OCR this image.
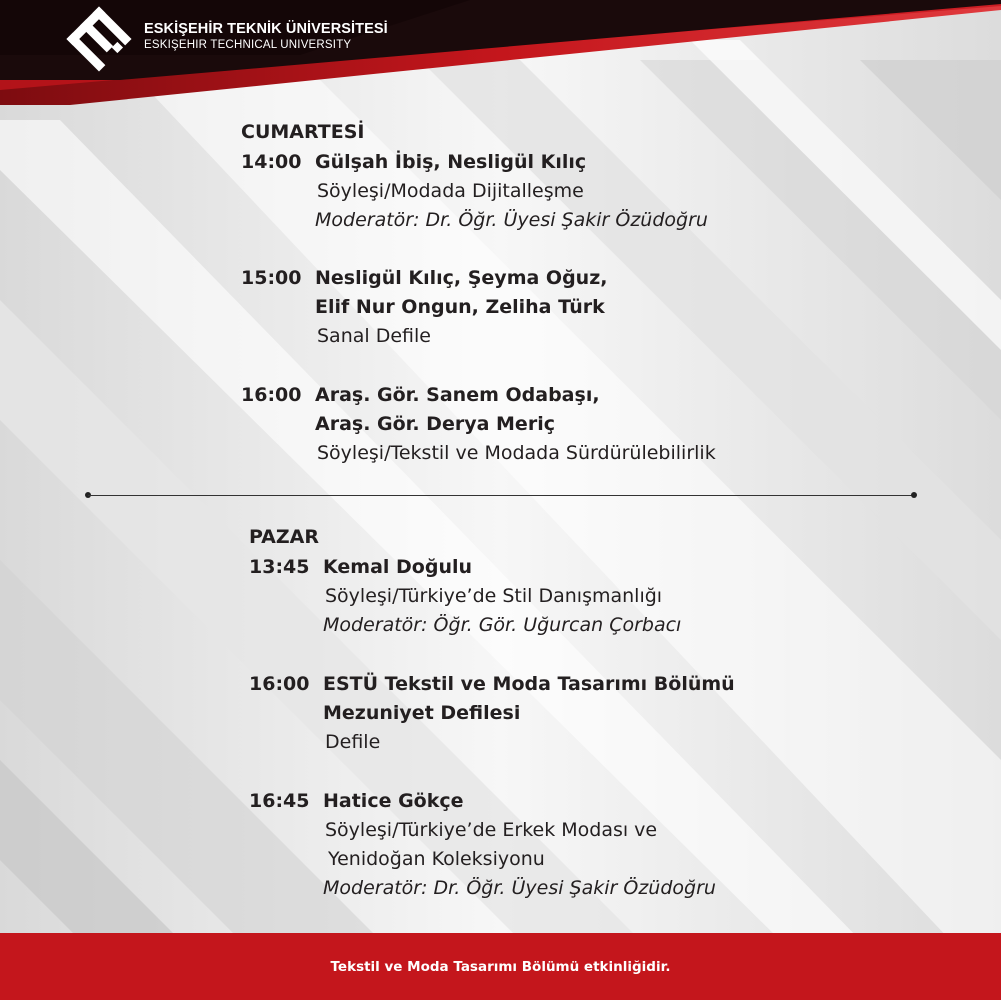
ESKİŞEHİR TEKNİK ÜNİVERSİTESİ
ESKIŞEHIR TECHNICAL UNIVERSITY
CUMARTESİ
14:00 Gülşah İbiş, Nesligül Kılıç
Söyleşi/Modada Dijitalleşme
Moderatör: Dr. Öğr. Üyesi Şakir Özüdoğru
15:00 Nesligül Kılıç, Şeyma Oğuz,
Elif Nur Ongun, Zeliha Türk
Sanal Defile
16:00 Araş. Gör. Sanem Odabaşı,
Araş. Gör. Derya Meriç
Söyleşi/Tekstil ve Modada Sürdürülebilirlik
PAZAR
13:45 Kemal Doğulu
Söyleşi/Türkiye’de Stil Danışmanlığı
Moderatör: Öğr. Gör. Uğurcan Çorbacı
16:00 ESTÜ Tekstil ve Moda Tasarımı Bölümü
Mezuniyet Defilesi
Defile
16:45 Hatice Gökçe
Söyleşi/Türkiye’de Erkek Modası ve
Yenidoğan Koleksiyonu
Moderatör: Dr. Öğr. Üyesi Şakir Özüdoğru
Tekstil ve Moda Tasarımı Bölümü etkinliğidir.
